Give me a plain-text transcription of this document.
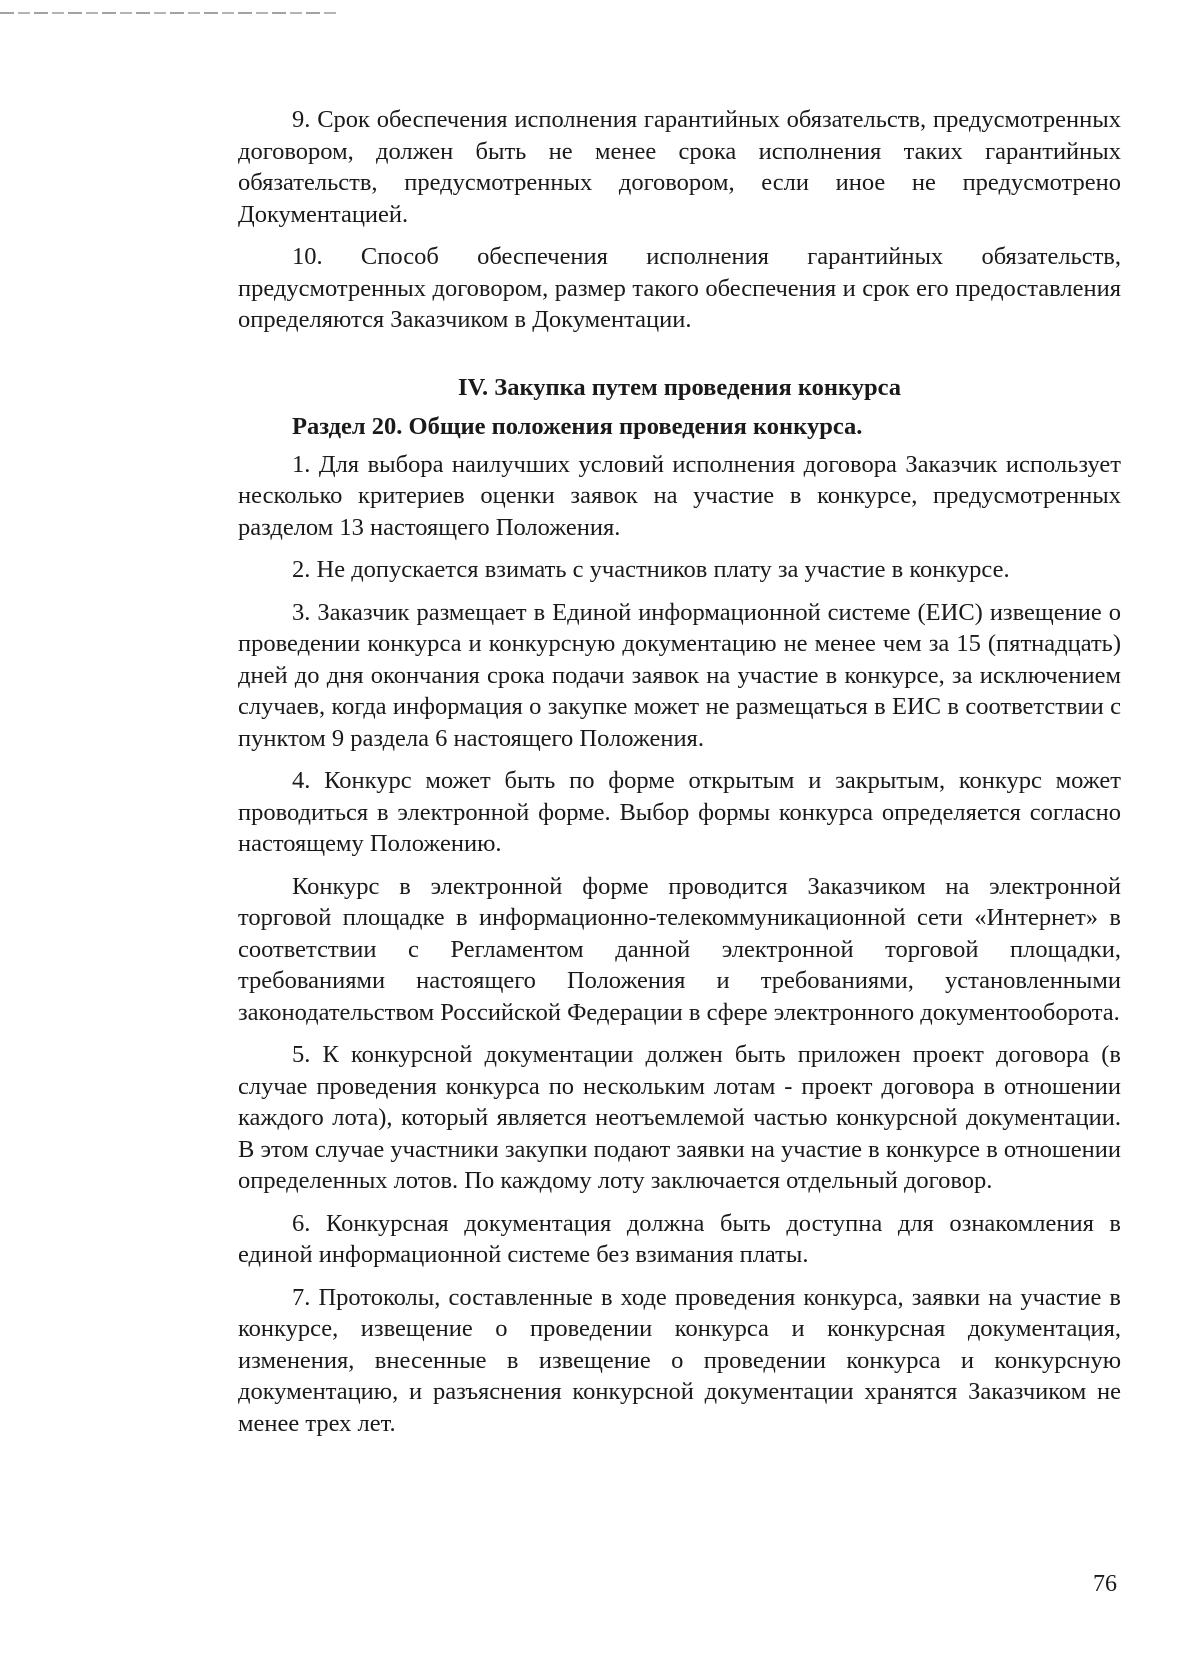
9. Срок обеспечения исполнения гарантийных обязательств, предусмотренных договором, должен быть не менее срока исполнения таких гарантийных обязательств, предусмотренных договором, если иное не предусмотрено Документацией.

10. Способ обеспечения исполнения гарантийных обязательств, предусмотренных договором, размер такого обеспечения и срок его предоставления определяются Заказчиком в Документации.

IV. Закупка путем проведения конкурса
Раздел 20. Общие положения проведения конкурса.

1. Для выбора наилучших условий исполнения договора Заказчик использует несколько критериев оценки заявок на участие в конкурсе, предусмотренных разделом 13 настоящего Положения.

2. Не допускается взимать с участников плату за участие в конкурсе.

3. Заказчик размещает в Единой информационной системе (ЕИС) извещение о проведении конкурса и конкурсную документацию не менее чем за 15 (пятнадцать) дней до дня окончания срока подачи заявок на участие в конкурсе, за исключением случаев, когда информация о закупке может не размещаться в ЕИС в соответствии с пунктом 9 раздела 6 настоящего Положения.

4. Конкурс может быть по форме открытым и закрытым, конкурс может проводиться в электронной форме. Выбор формы конкурса определяется согласно настоящему Положению.

Конкурс в электронной форме проводится Заказчиком на электронной торговой площадке в информационно-телекоммуникационной сети «Интернет» в соответствии с Регламентом данной электронной торговой площадки, требованиями настоящего Положения и требованиями, установленными законодательством Российской Федерации в сфере электронного документооборота.

5. К конкурсной документации должен быть приложен проект договора (в случае проведения конкурса по нескольким лотам - проект договора в отношении каждого лота), который является неотъемлемой частью конкурсной документации. В этом случае участники закупки подают заявки на участие в конкурсе в отношении определенных лотов. По каждому лоту заключается отдельный договор.

6. Конкурсная документация должна быть доступна для ознакомления в единой информационной системе без взимания платы.

7. Протоколы, составленные в ходе проведения конкурса, заявки на участие в конкурсе, извещение о проведении конкурса и конкурсная документация, изменения, внесенные в извещение о проведении конкурса и конкурсную документацию, и разъяснения конкурсной документации хранятся Заказчиком не менее трех лет.

76
